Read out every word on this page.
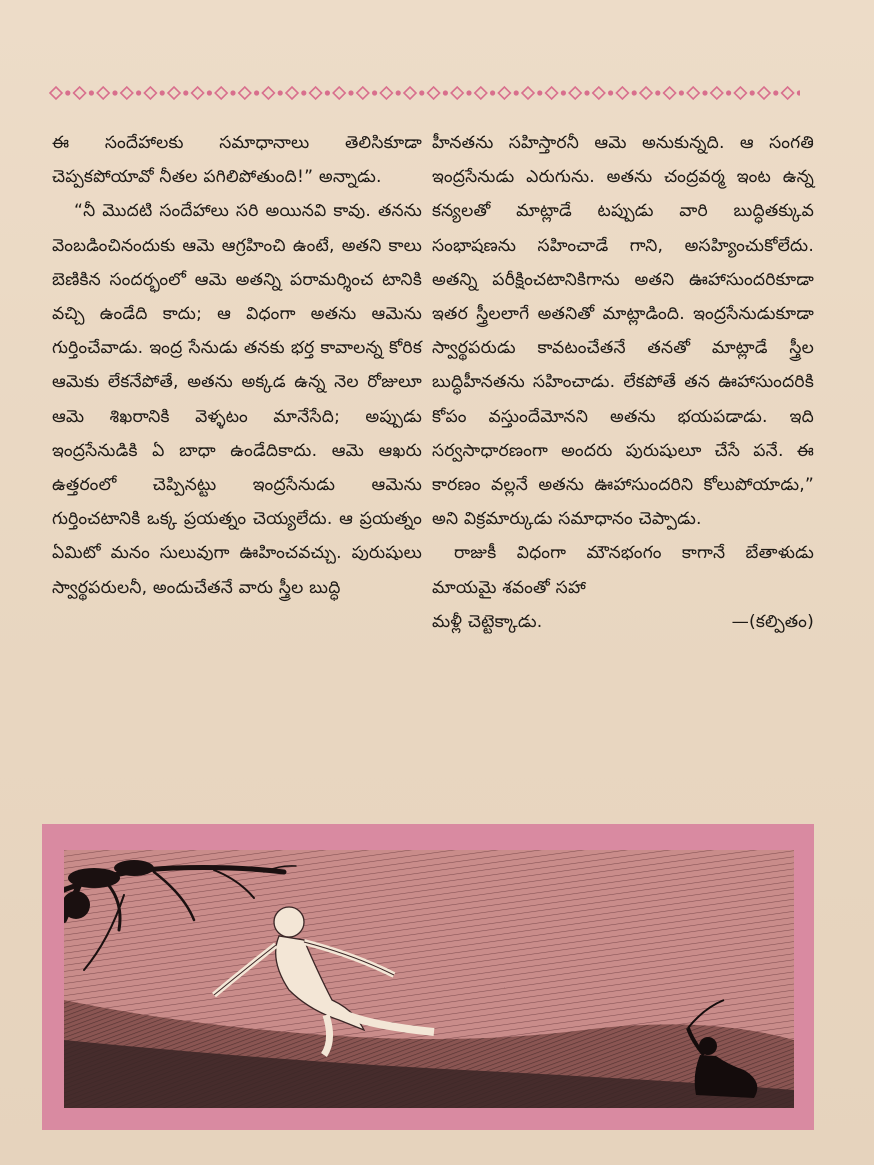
ఈ సందేహాలకు సమాధానాలు తెలిసికూడా చెప్పకపోయావో నీతల పగిలిపోతుంది!” అన్నాడు.

“నీ మొదటి సందేహాలు సరి అయినవి కావు. తనను వెంబడించినందుకు ఆమె ఆగ్రహించి ఉంటే, అతని కాలు బెణికిన సందర్భంలో ఆమె అతన్ని పరామర్శించ టానికి వచ్చి ఉండేది కాదు; ఆ విధంగా అతను ఆమెను గుర్తించేవాడు. ఇంద్ర సేనుడు తనకు భర్త కావాలన్న కోరిక ఆమెకు లేకనేపోతే, అతను అక్కడ ఉన్న నెల రోజులూ ఆమె శిఖరానికి వెళ్ళటం మానేసేది; అప్పుడు ఇంద్రసేనుడికి ఏ బాధా ఉండేదికాదు. ఆమె ఆఖరు ఉత్తరంలో చెప్పినట్టు ఇంద్రసేనుడు ఆమెను గుర్తించటానికి ఒక్క ప్రయత్నం చెయ్యలేదు. ఆ ప్రయత్నం ఏమిటో మనం సులువుగా ఊహించవచ్చు. పురుషులు స్వార్థపరులనీ, అందుచేతనే వారు స్త్రీల బుద్ధి

హీనతను సహిస్తారనీ ఆమె అనుకున్నది. ఆ సంగతి ఇంద్రసేనుడు ఎరుగును. అతను చంద్రవర్మ ఇంట ఉన్న కన్యలతో మాట్లాడే టప్పుడు వారి బుద్ధితక్కువ సంభాషణను సహించాడే గాని, అసహ్యించుకోలేదు. అతన్ని పరీక్షించటానికిగాను అతని ఊహాసుందరికూడా ఇతర స్త్రీలలాగే అతనితో మాట్లాడింది. ఇంద్రసేనుడుకూడా స్వార్థపరుడు కావటంచేతనే తనతో మాట్లాడే స్త్రీల బుద్ధిహీనతను సహించాడు. లేకపోతే తన ఊహాసుందరికి కోపం వస్తుందేమోనని అతను భయపడాడు. ఇది సర్వసాధారణంగా అందరు పురుషులూ చేసే పనే. ఈ కారణం వల్లనే అతను ఊహాసుందరిని కోలుపోయాడు,” అని విక్రమార్కుడు సమాధానం చెప్పాడు.

రాజుకీ విధంగా మౌనభంగం కాగానే బేతాళుడు మాయమై శవంతో సహా

మళ్లీ చెట్టెక్కాడు.	—(కల్పితం)
